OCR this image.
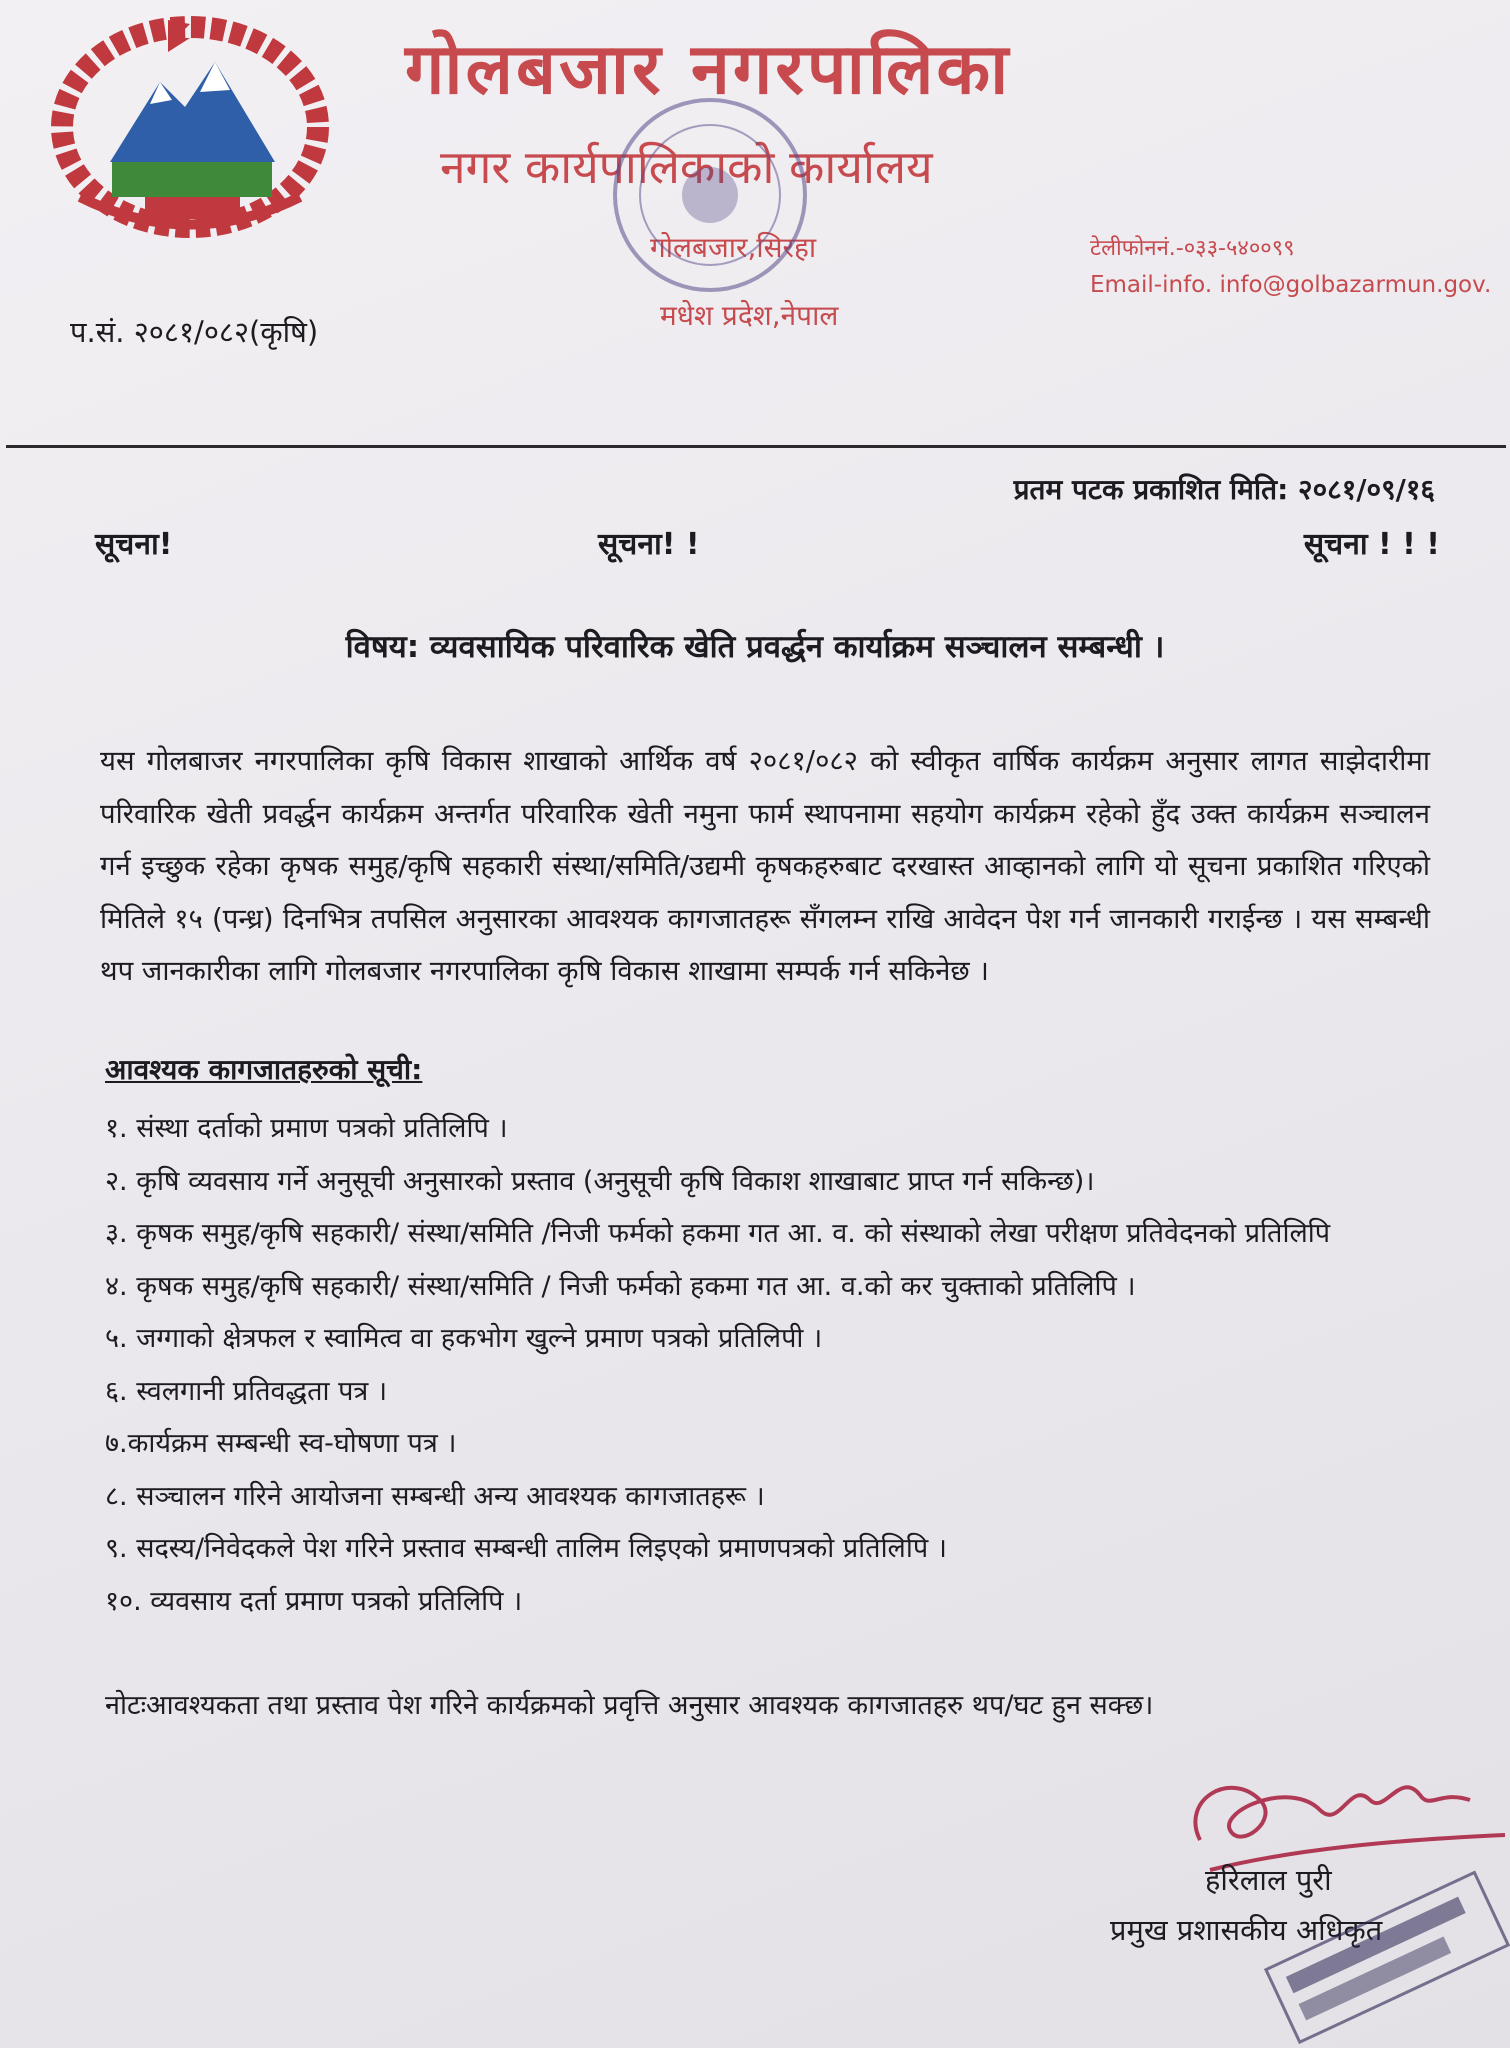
गोलबजार नगरपालिका
नगर कार्यपालिकाको कार्यालय
गोलबजार,सिरहा
मधेश प्रदेश,नेपाल
टेलीफोननं.-०३३-५४००९९
Email-info. info@golbazarmun.gov.
प.सं. २०८१/०८२(कृषि)
प्रतम पटक प्रकाशित मिति: २०८१/०९/१६
सूचना!	सूचना! !	सूचना ! ! !
विषय: व्यवसायिक परिवारिक खेति प्रवर्द्धन कार्याक्रम सञ्चालन सम्बन्धी ।
यस गोलबाजर नगरपालिका कृषि विकास शाखाको आर्थिक वर्ष २०८१/०८२ को स्वीकृत वार्षिक कार्यक्रम अनुसार लागत साझेदारीमा परिवारिक खेती प्रवर्द्धन कार्यक्रम अन्तर्गत परिवारिक खेती नमुना फार्म स्थापनामा सहयोग कार्यक्रम रहेको हुँद उक्त कार्यक्रम सञ्चालन गर्न इच्छुक रहेका कृषक समुह/कृषि सहकारी संस्था/समिति/उद्यमी कृषकहरुबाट दरखास्त आव्हानको लागि यो सूचना प्रकाशित गरिएको मितिले १५ (पन्ध्र) दिनभित्र तपसिल अनुसारका आवश्यक कागजातहरू सँगलम्न राखि आवेदन पेश गर्न जानकारी गराईन्छ । यस सम्बन्धी थप जानकारीका लागि गोलबजार नगरपालिका कृषि विकास शाखामा सम्पर्क गर्न सकिनेछ ।
आवश्यक कागजातहरुको सूची:
१. संस्था दर्ताको प्रमाण पत्रको प्रतिलिपि ।
२. कृषि व्यवसाय गर्ने अनुसूची अनुसारको प्रस्ताव (अनुसूची कृषि विकाश शाखाबाट प्राप्त गर्न सकिन्छ)।
३. कृषक समुह/कृषि सहकारी/ संस्था/समिति /निजी फर्मको हकमा गत आ. व. को संस्थाको लेखा परीक्षण प्रतिवेदनको प्रतिलिपि
४. कृषक समुह/कृषि सहकारी/ संस्था/समिति / निजी फर्मको हकमा गत आ. व.को कर चुक्ताको प्रतिलिपि ।
५. जग्गाको क्षेत्रफल र स्वामित्व वा हकभोग खुल्ने प्रमाण पत्रको प्रतिलिपी ।
६. स्वलगानी प्रतिवद्धता पत्र ।
७.कार्यक्रम सम्बन्धी स्व-घोषणा पत्र ।
८. सञ्चालन गरिने आयोजना सम्बन्धी अन्य आवश्यक कागजातहरू ।
९. सदस्य/निवेदकले पेश गरिने प्रस्ताव सम्बन्धी तालिम लिइएको प्रमाणपत्रको प्रतिलिपि ।
१०. व्यवसाय दर्ता प्रमाण पत्रको प्रतिलिपि ।
नोटःआवश्यकता तथा प्रस्ताव पेश गरिने कार्यक्रमको प्रवृत्ति अनुसार आवश्यक कागजातहरु थप/घट हुन सक्छ।
हरिलाल पुरी
प्रमुख प्रशासकीय अधिकृत
